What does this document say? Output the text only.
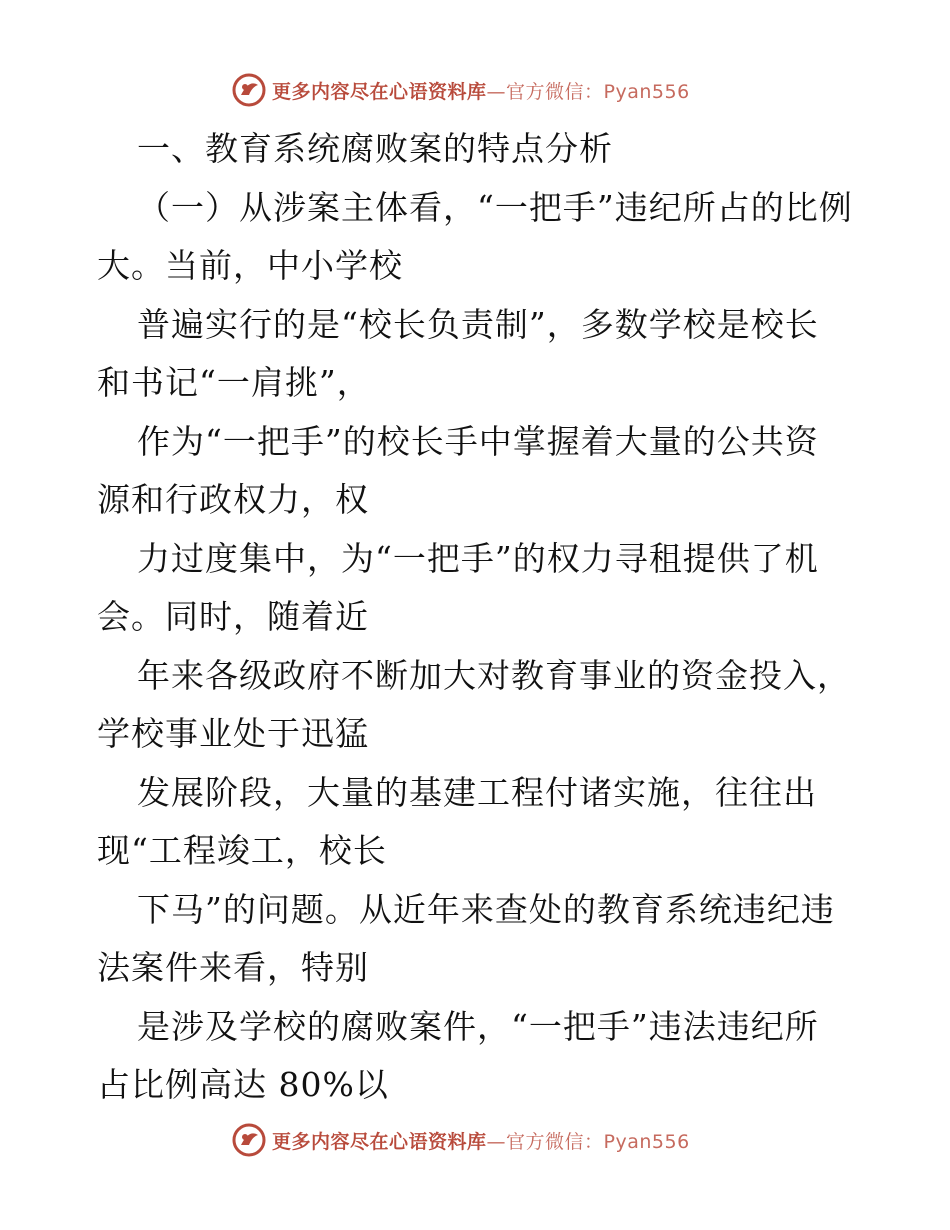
更多内容尽在心语资料库—官方微信：Pyan556
一、教育系统腐败案的特点分析
（一）从涉案主体看，“一把手”违纪所占的比例
大。当前，中小学校
普遍实行的是“校长负责制”，多数学校是校长
和书记“一肩挑”，
作为“一把手”的校长手中掌握着大量的公共资
源和行政权力，权
力过度集中，为“一把手”的权力寻租提供了机
会。同时，随着近
年来各级政府不断加大对教育事业的资金投入，
学校事业处于迅猛
发展阶段，大量的基建工程付诸实施，往往出
现“工程竣工，校长
下马”的问题。从近年来查处的教育系统违纪违
法案件来看，特别
是涉及学校的腐败案件，“一把手”违法违纪所
占比例高达 80%以
更多内容尽在心语资料库—官方微信：Pyan556
